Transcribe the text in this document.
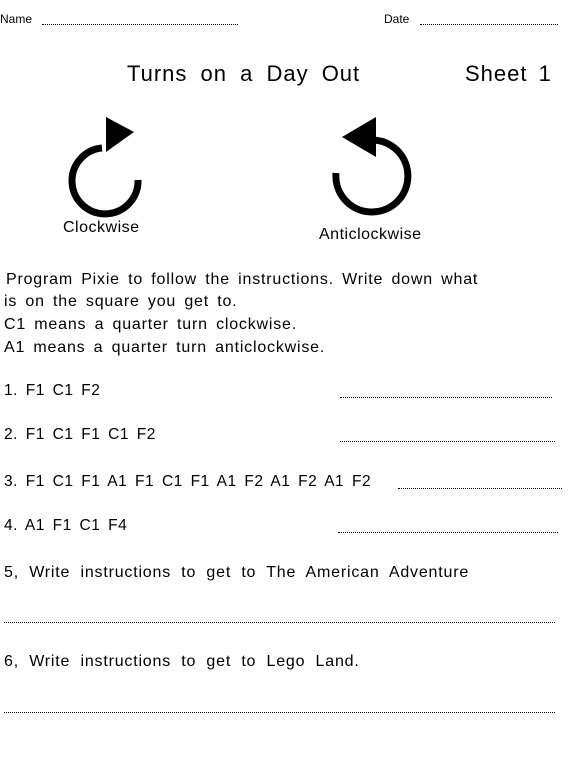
Name	Date
Turns on a Day Out	Sheet 1
Clockwise	Anticlockwise
Program Pixie to follow the instructions. Write down what
is on the square you get to.
C1 means a quarter turn clockwise.
A1 means a quarter turn anticlockwise.
1. F1 C1 F2
2. F1 C1 F1 C1 F2
3. F1 C1 F1 A1 F1 C1 F1 A1 F2 A1 F2 A1 F2
4. A1 F1 C1 F4
5, Write instructions to get to The American Adventure
6, Write instructions to get to Lego Land.
